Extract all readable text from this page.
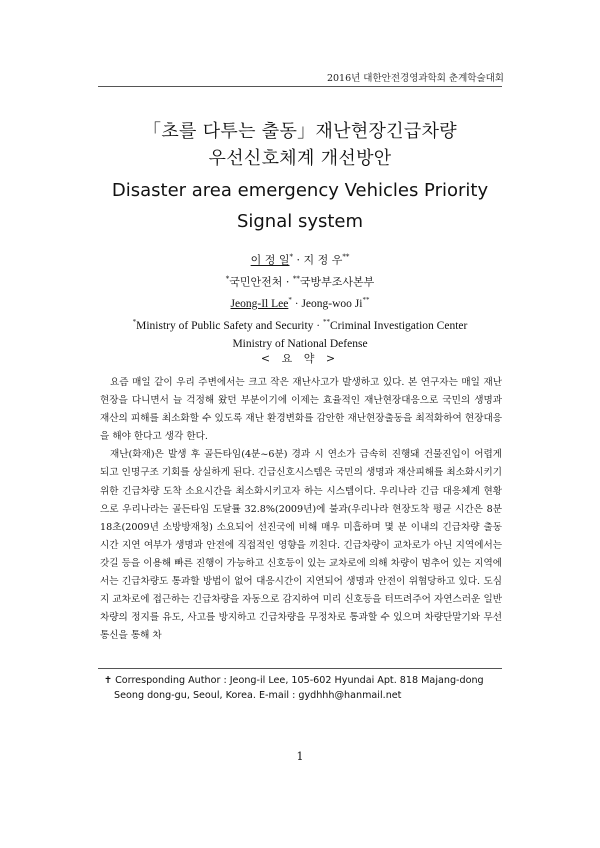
2016년 대한안전경영과학회 춘계학술대회
「초를 다투는 출동」재난현장긴급차량
우선신호체계 개선방안
Disaster area emergency Vehicles Priority
Signal system
이 정 일* · 지 정 우**
*국민안전처 · **국방부조사본부
Jeong-Il Lee* · Jeong-woo Ji**
*Ministry of Public Safety and Security · **Criminal Investigation Center
Ministry of National Defense
< 요 약 >

요즘 매일 같이 우리 주변에서는 크고 작은 재난사고가 발생하고 있다. 본 연구자는 매일 재난현장을 다니면서 늘 걱정해 왔던 부분이기에 이제는 효율적인 재난현장대응으로 국민의 생명과 재산의 피해를 최소화할 수 있도록 재난 환경변화를 감안한 재난현장출동을 최적화하여 현장대응을 해야 한다고 생각 한다.

재난(화재)은 발생 후 골든타임(4분~6분) 경과 시 연소가 급속히 진행돼 건물진입이 어렵게 되고 인명구조 기회를 상실하게 된다. 긴급신호시스템은 국민의 생명과 재산피해를 최소화시키기 위한 긴급차량 도착 소요시간을 최소화시키고자 하는 시스템이다. 우리나라 긴급 대응체계 현황으로 우리나라는 골든타임 도달률 32.8%(2009년)에 불과(우리나라 현장도착 평균 시간은 8분18초(2009년 소방방재청) 소요되어 선진국에 비해 매우 미흡하며 몇 분 이내의 긴급차량 출동 시간 지연 여부가 생명과 안전에 직접적인 영향을 끼친다. 긴급차량이 교차로가 아닌 지역에서는 갓길 등을 이용해 빠른 진행이 가능하고 신호등이 있는 교차로에 의해 차량이 멈추어 있는 지역에서는 긴급차량도 통과할 방법이 없어 대응시간이 지연되어 생명과 안전이 위협당하고 있다. 도심지 교차로에 접근하는 긴급차량을 자동으로 감지하여 미리 신호등을 터뜨려주어 자연스러운 일반차량의 정지를 유도, 사고를 방지하고 긴급차량을 무정차로 통과할 수 있으며 차량단말기와 무선통신을 통해 차

✝ Corresponding Author : Jeong-il Lee, 105-602 Hyundai Apt. 818 Majang-dong
Seong dong-gu, Seoul, Korea. E-mail : gydhhh@hanmail.net
1
